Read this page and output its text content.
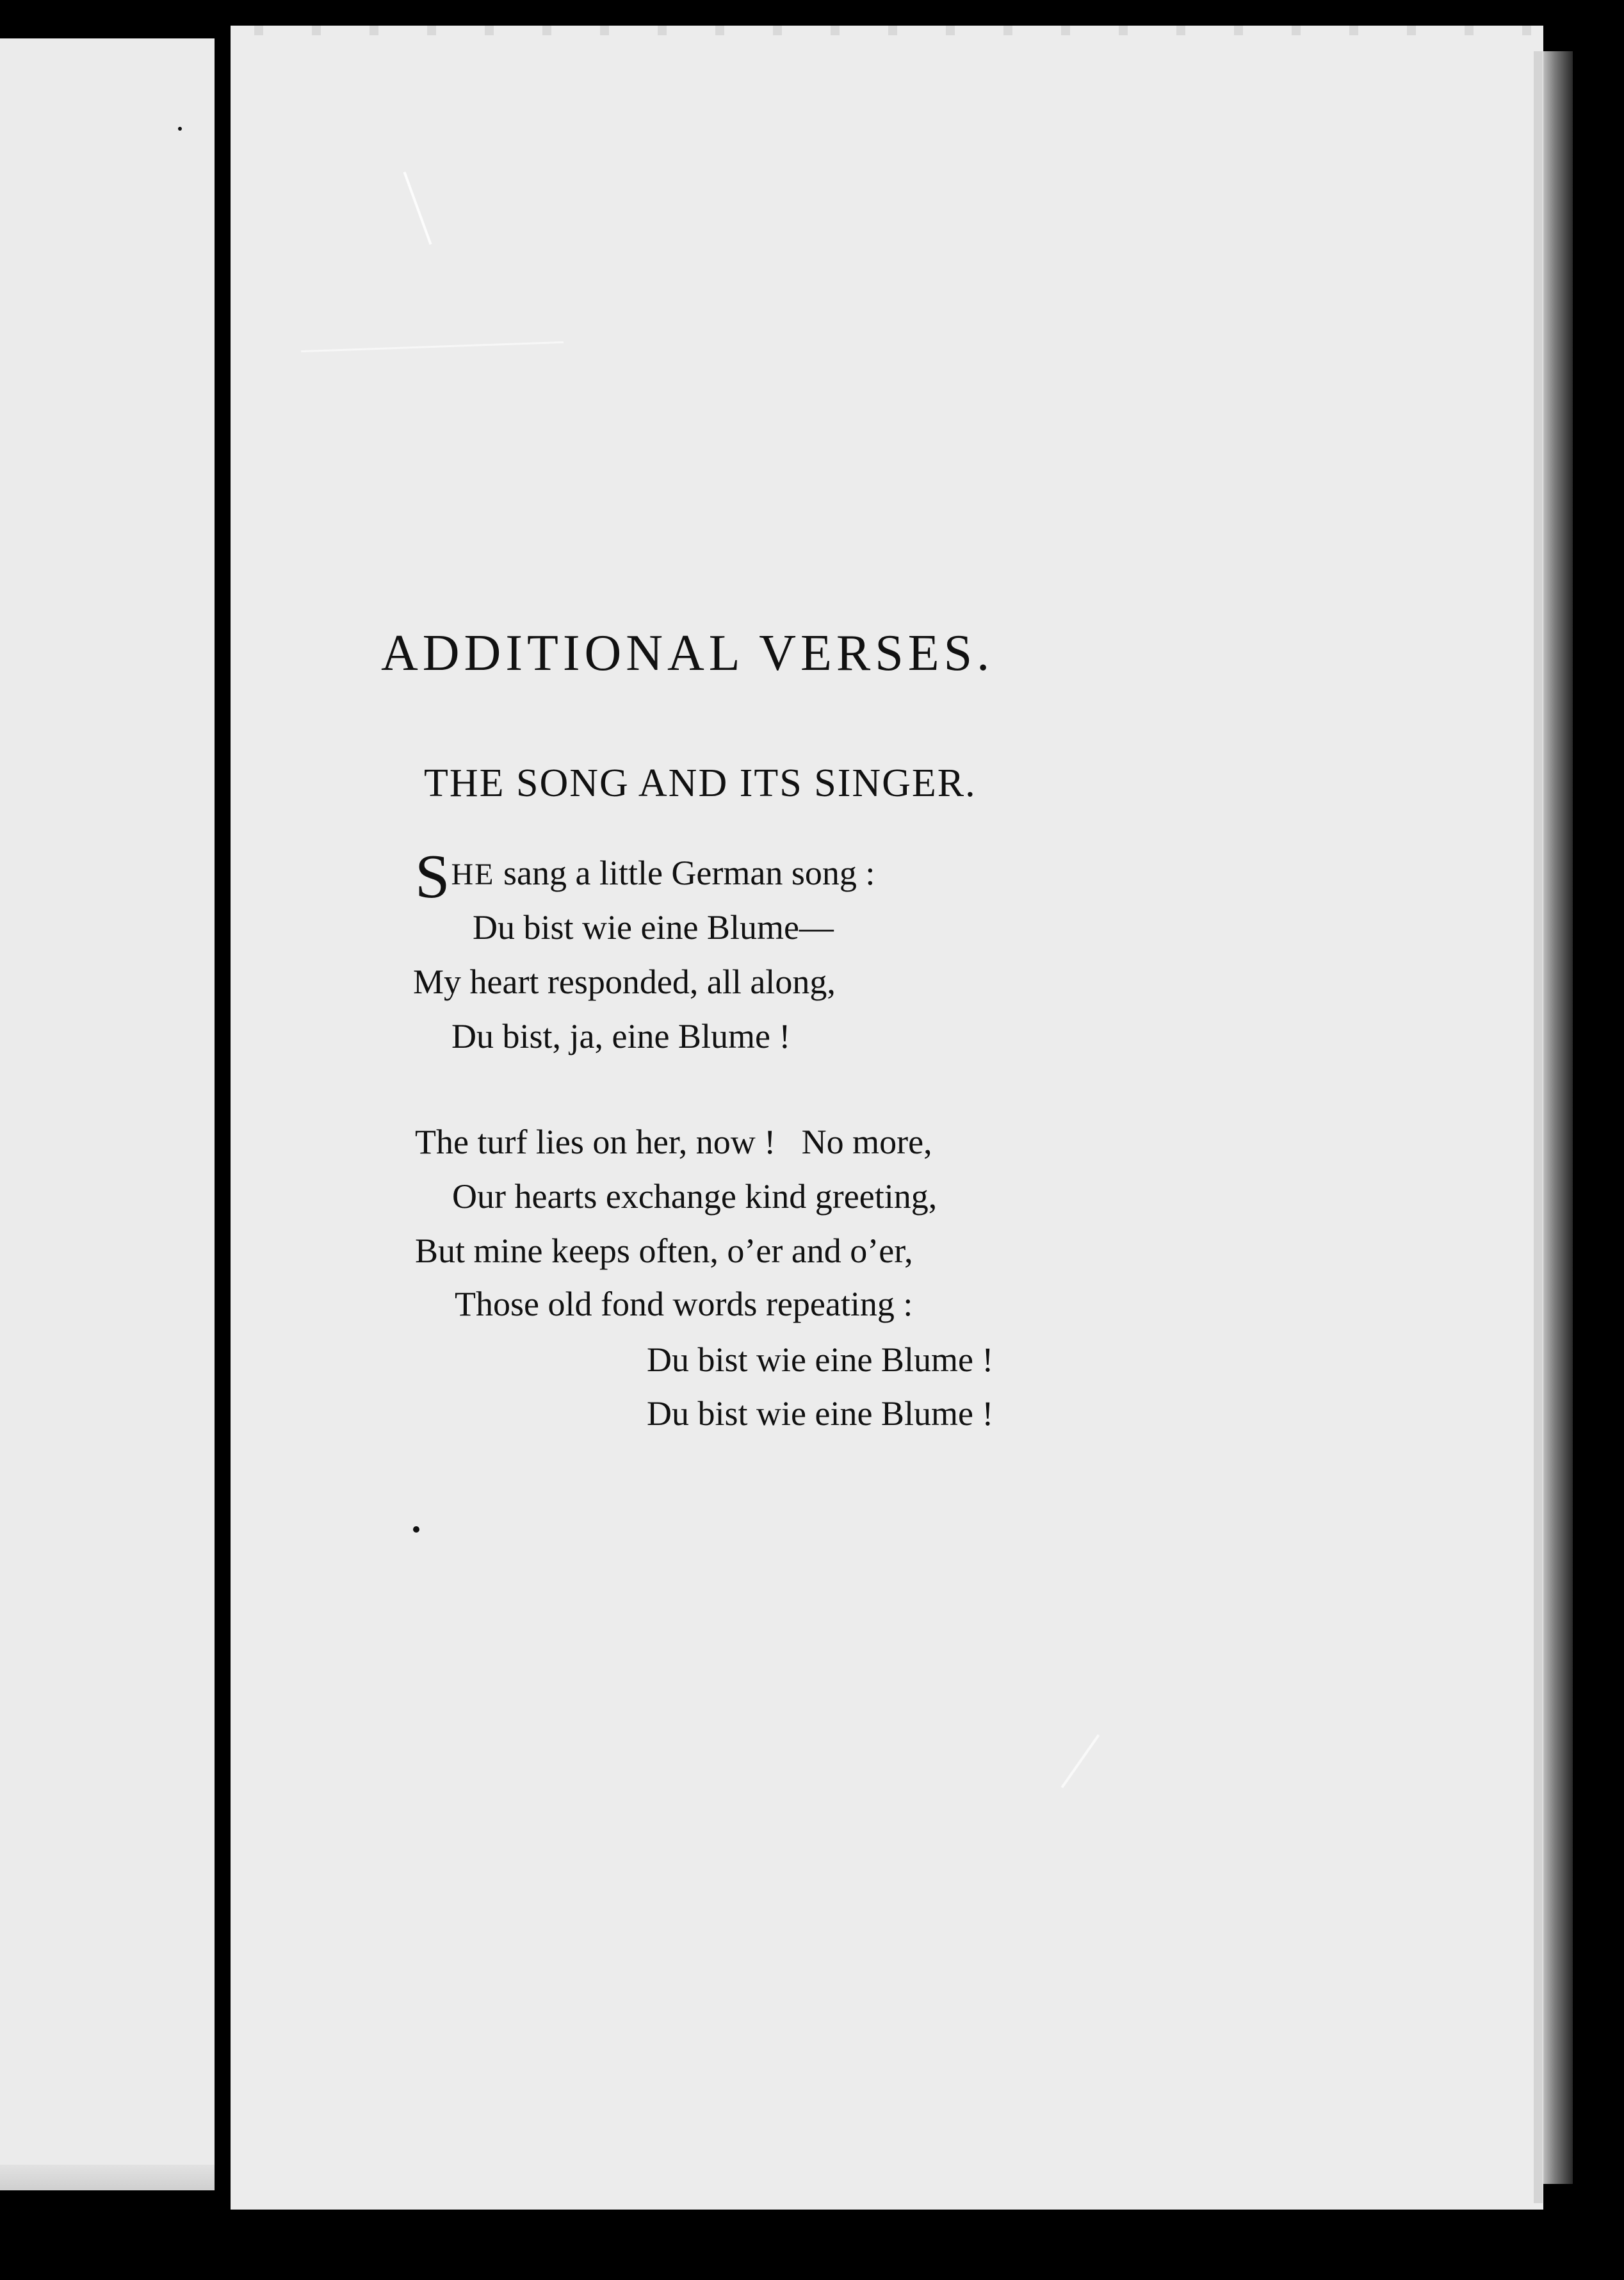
ADDITIONAL VERSES.
THE SONG AND ITS SINGER.
SHE sang a little German song :
Du bist wie eine Blume—
My heart responded, all along,
Du bist, ja, eine Blume !
The turf lies on her, now !   No more,
Our hearts exchange kind greeting,
But mine keeps often, o’er and o’er,
Those old fond words repeating :
Du bist wie eine Blume !
Du bist wie eine Blume !
